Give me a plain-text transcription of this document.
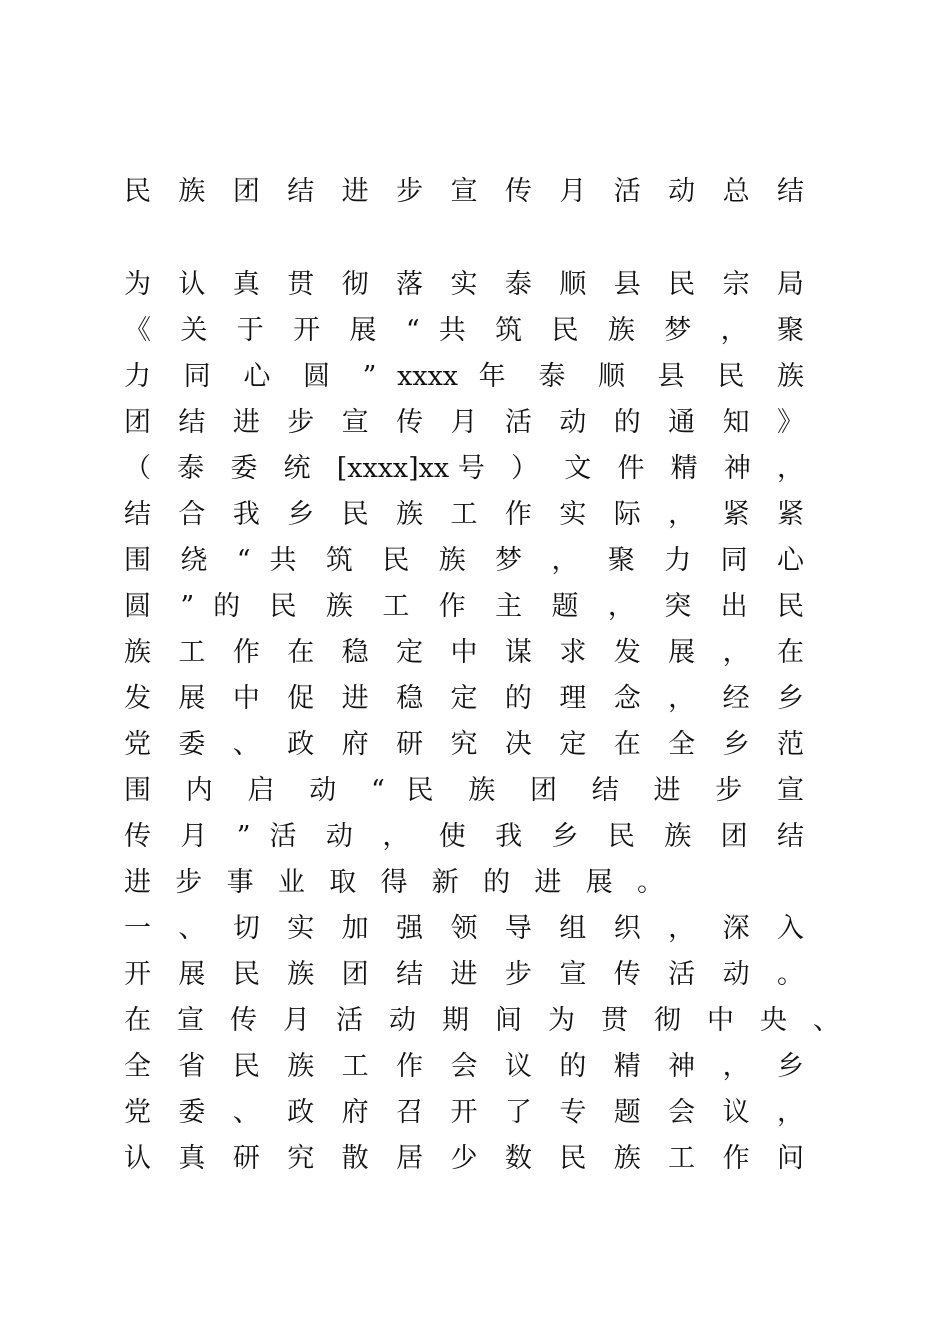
民 族 团 结 进 步 宣 传 月 活 动 总 结
为 认 真 贯 彻 落 实 泰 顺 县 民 宗 局
《 关 于 开 展 “ 共 筑 民 族 梦 ， 聚
力 同 心 圆 ” xxxx 年 泰 顺 县 民 族
团 结 进 步 宣 传 月 活 动 的 通 知 》
（ 泰 委 统 [xxxx]xx号 ） 文 件 精 神 ，
结 合 我 乡 民 族 工 作 实 际 ， 紧 紧
围 绕 “ 共 筑 民 族 梦 ， 聚 力 同 心
圆 ” 的 民 族 工 作 主 题 ， 突 出 民
族 工 作 在 稳 定 中 谋 求 发 展 ， 在
发 展 中 促 进 稳 定 的 理 念 ， 经 乡
党 委 、 政 府 研 究 决 定 在 全 乡 范
围 内 启 动 “ 民 族 团 结 进 步 宣
传 月 ” 活 动 ， 使 我 乡 民 族 团 结
进 步 事 业 取 得 新 的 进 展 。
一 、 切 实 加 强 领 导 组 织 ， 深 入
开 展 民 族 团 结 进 步 宣 传 活 动 。
在 宣 传 月 活 动 期 间 为 贯 彻 中 央 、
全 省 民 族 工 作 会 议 的 精 神 ， 乡
党 委 、 政 府 召 开 了 专 题 会 议 ，
认 真 研 究 散 居 少 数 民 族 工 作 问
